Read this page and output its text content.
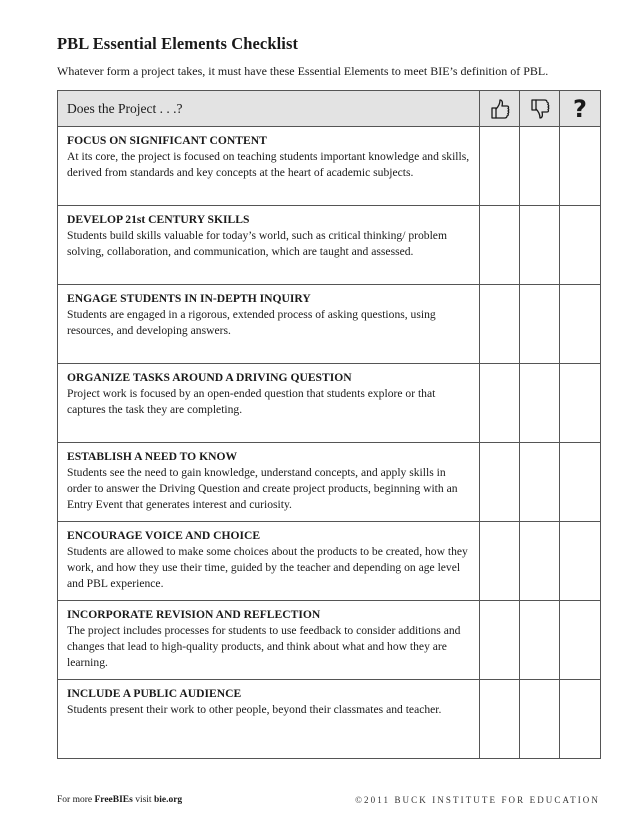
PBL Essential Elements Checklist
Whatever form a project takes, it must have these Essential Elements to meet BIE’s definition of PBL.
Does the Project . . .?			?

FOCUS ON SIGNIFICANT CONTENT
At its core, the project is focused on teaching students important knowledge and skills, derived from standards and key concepts at the heart of academic subjects.			

DEVELOP 21st CENTURY SKILLS
Students build skills valuable for today’s world, such as critical thinking/ problem solving, collaboration, and communication, which are taught and assessed.			

ENGAGE STUDENTS IN IN-DEPTH INQUIRY
Students are engaged in a rigorous, extended process of asking questions, using resources, and developing answers.			

ORGANIZE TASKS AROUND A DRIVING QUESTION
Project work is focused by an open-ended question that students explore or that captures the task they are completing.			

ESTABLISH A NEED TO KNOW
Students see the need to gain knowledge, understand concepts, and apply skills in order to answer the Driving Question and create project products, beginning with an Entry Event that generates interest and curiosity.			

ENCOURAGE VOICE AND CHOICE
Students are allowed to make some choices about the products to be created, how they work, and how they use their time, guided by the teacher and depending on age level and PBL experience.			

INCORPORATE REVISION AND REFLECTION
The project includes processes for students to use feedback to consider additions and changes that lead to high-quality products, and think about what and how they are learning.			

INCLUDE A PUBLIC AUDIENCE
Students present their work to other people, beyond their classmates and teacher.			

For more FreeBIEs visit bie.org	©2011 BUCK INSTITUTE FOR EDUCATION
